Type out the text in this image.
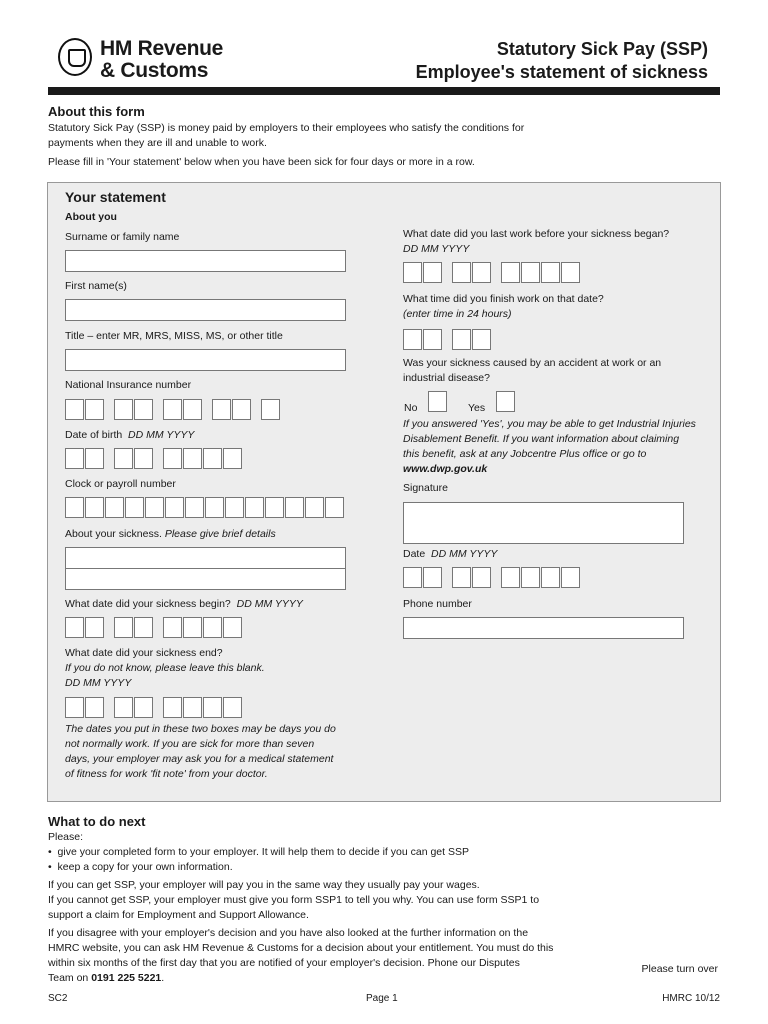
HM Revenue
& Customs
Statutory Sick Pay (SSP)
Employee's statement of sickness
About this form
Statutory Sick Pay (SSP) is money paid by employers to their employees who satisfy the conditions for
payments when they are ill and unable to work.
Please fill in 'Your statement' below when you have been sick for four days or more in a row.
Your statement
About you
Surname or family name
First name(s)
Title – enter MR, MRS, MISS, MS, or other title
National Insurance number
Date of birth DD MM YYYY
Clock or payroll number
About your sickness. Please give brief details
What date did your sickness begin? DD MM YYYY
What date did your sickness end?
If you do not know, please leave this blank.
DD MM YYYY
The dates you put in these two boxes may be days you do
not normally work. If you are sick for more than seven
days, your employer may ask you for a medical statement
of fitness for work 'fit note' from your doctor.
What date did you last work before your sickness began?
DD MM YYYY
What time did you finish work on that date?
(enter time in 24 hours)
Was your sickness caused by an accident at work or an
industrial disease?
No	Yes
If you answered 'Yes', you may be able to get Industrial Injuries
Disablement Benefit. If you want information about claiming
this benefit, ask at any Jobcentre Plus office or go to
www.dwp.gov.uk
Signature
Date DD MM YYYY
Phone number
What to do next
Please:
•  give your completed form to your employer. It will help them to decide if you can get SSP
•  keep a copy for your own information.
If you can get SSP, your employer will pay you in the same way they usually pay your wages.
If you cannot get SSP, your employer must give you form SSP1 to tell you why. You can use form SSP1 to
support a claim for Employment and Support Allowance.
If you disagree with your employer's decision and you have also looked at the further information on the
HMRC website, you can ask HM Revenue & Customs for a decision about your entitlement. You must do this
within six months of the first day that you are notified of your employer's decision. Phone our Disputes
Team on 0191 225 5221.
Please turn over
SC2	Page 1	HMRC 10/12
